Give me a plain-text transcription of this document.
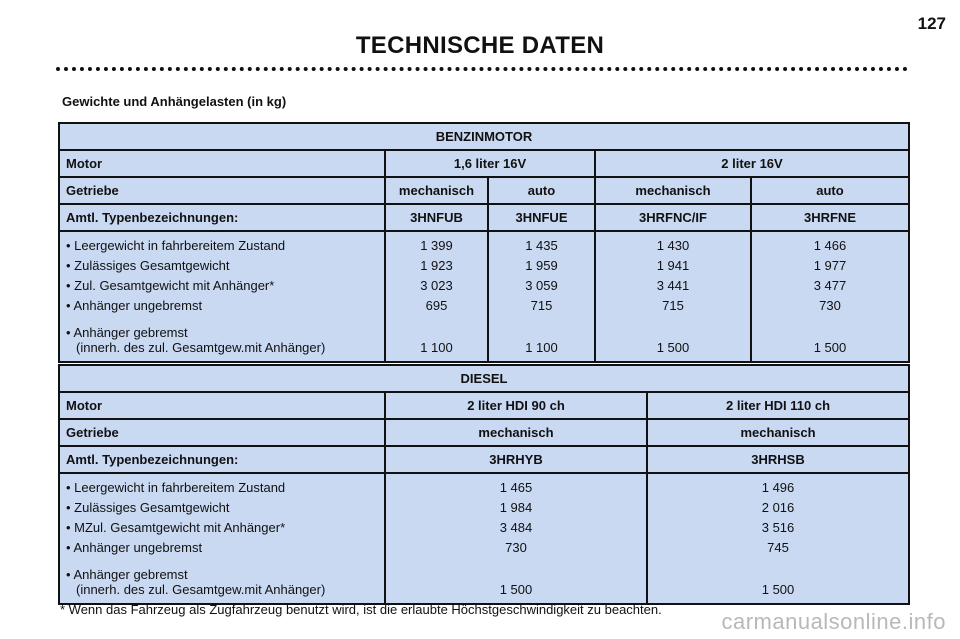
127
TECHNISCHE DATEN
Gewichte und Anhängelasten (in kg)
BENZINMOTOR				
Motor	1,6 liter 16V		2 liter 16V	
Getriebe	mechanisch	auto	mechanisch	auto
Amtl. Typenbezeichnungen:	3HNFUB	3HNFUE	3HRFNC/IF	3HRFNE
• Leergewicht in fahrbereitem Zustand	1 399	1 435	1 430	1 466
• Zulässiges Gesamtgewicht	1 923	1 959	1 941	1 977
• Zul. Gesamtgewicht mit Anhänger*	3 023	3 059	3 441	3 477
• Anhänger ungebremst	695	715	715	730
• Anhänger gebremst
(innerh. des zul. Gesamtgew.mit Anhänger)	1 100	1 100	1 500	1 500
DIESEL		
Motor	2 liter HDI 90 ch	2 liter HDI 110 ch
Getriebe	mechanisch	mechanisch
Amtl. Typenbezeichnungen:	3HRHYB	3HRHSB
• Leergewicht in fahrbereitem Zustand	1 465	1 496
• Zulässiges Gesamtgewicht	1 984	2 016
• MZul. Gesamtgewicht mit Anhänger*	3 484	3 516
• Anhänger ungebremst	730	745
• Anhänger gebremst
(innerh. des zul. Gesamtgew.mit Anhänger)	1 500	1 500
* Wenn das Fahrzeug als Zugfahrzeug benutzt wird, ist die erlaubte Höchstgeschwindigkeit zu beachten.	carmanualsonline.info
